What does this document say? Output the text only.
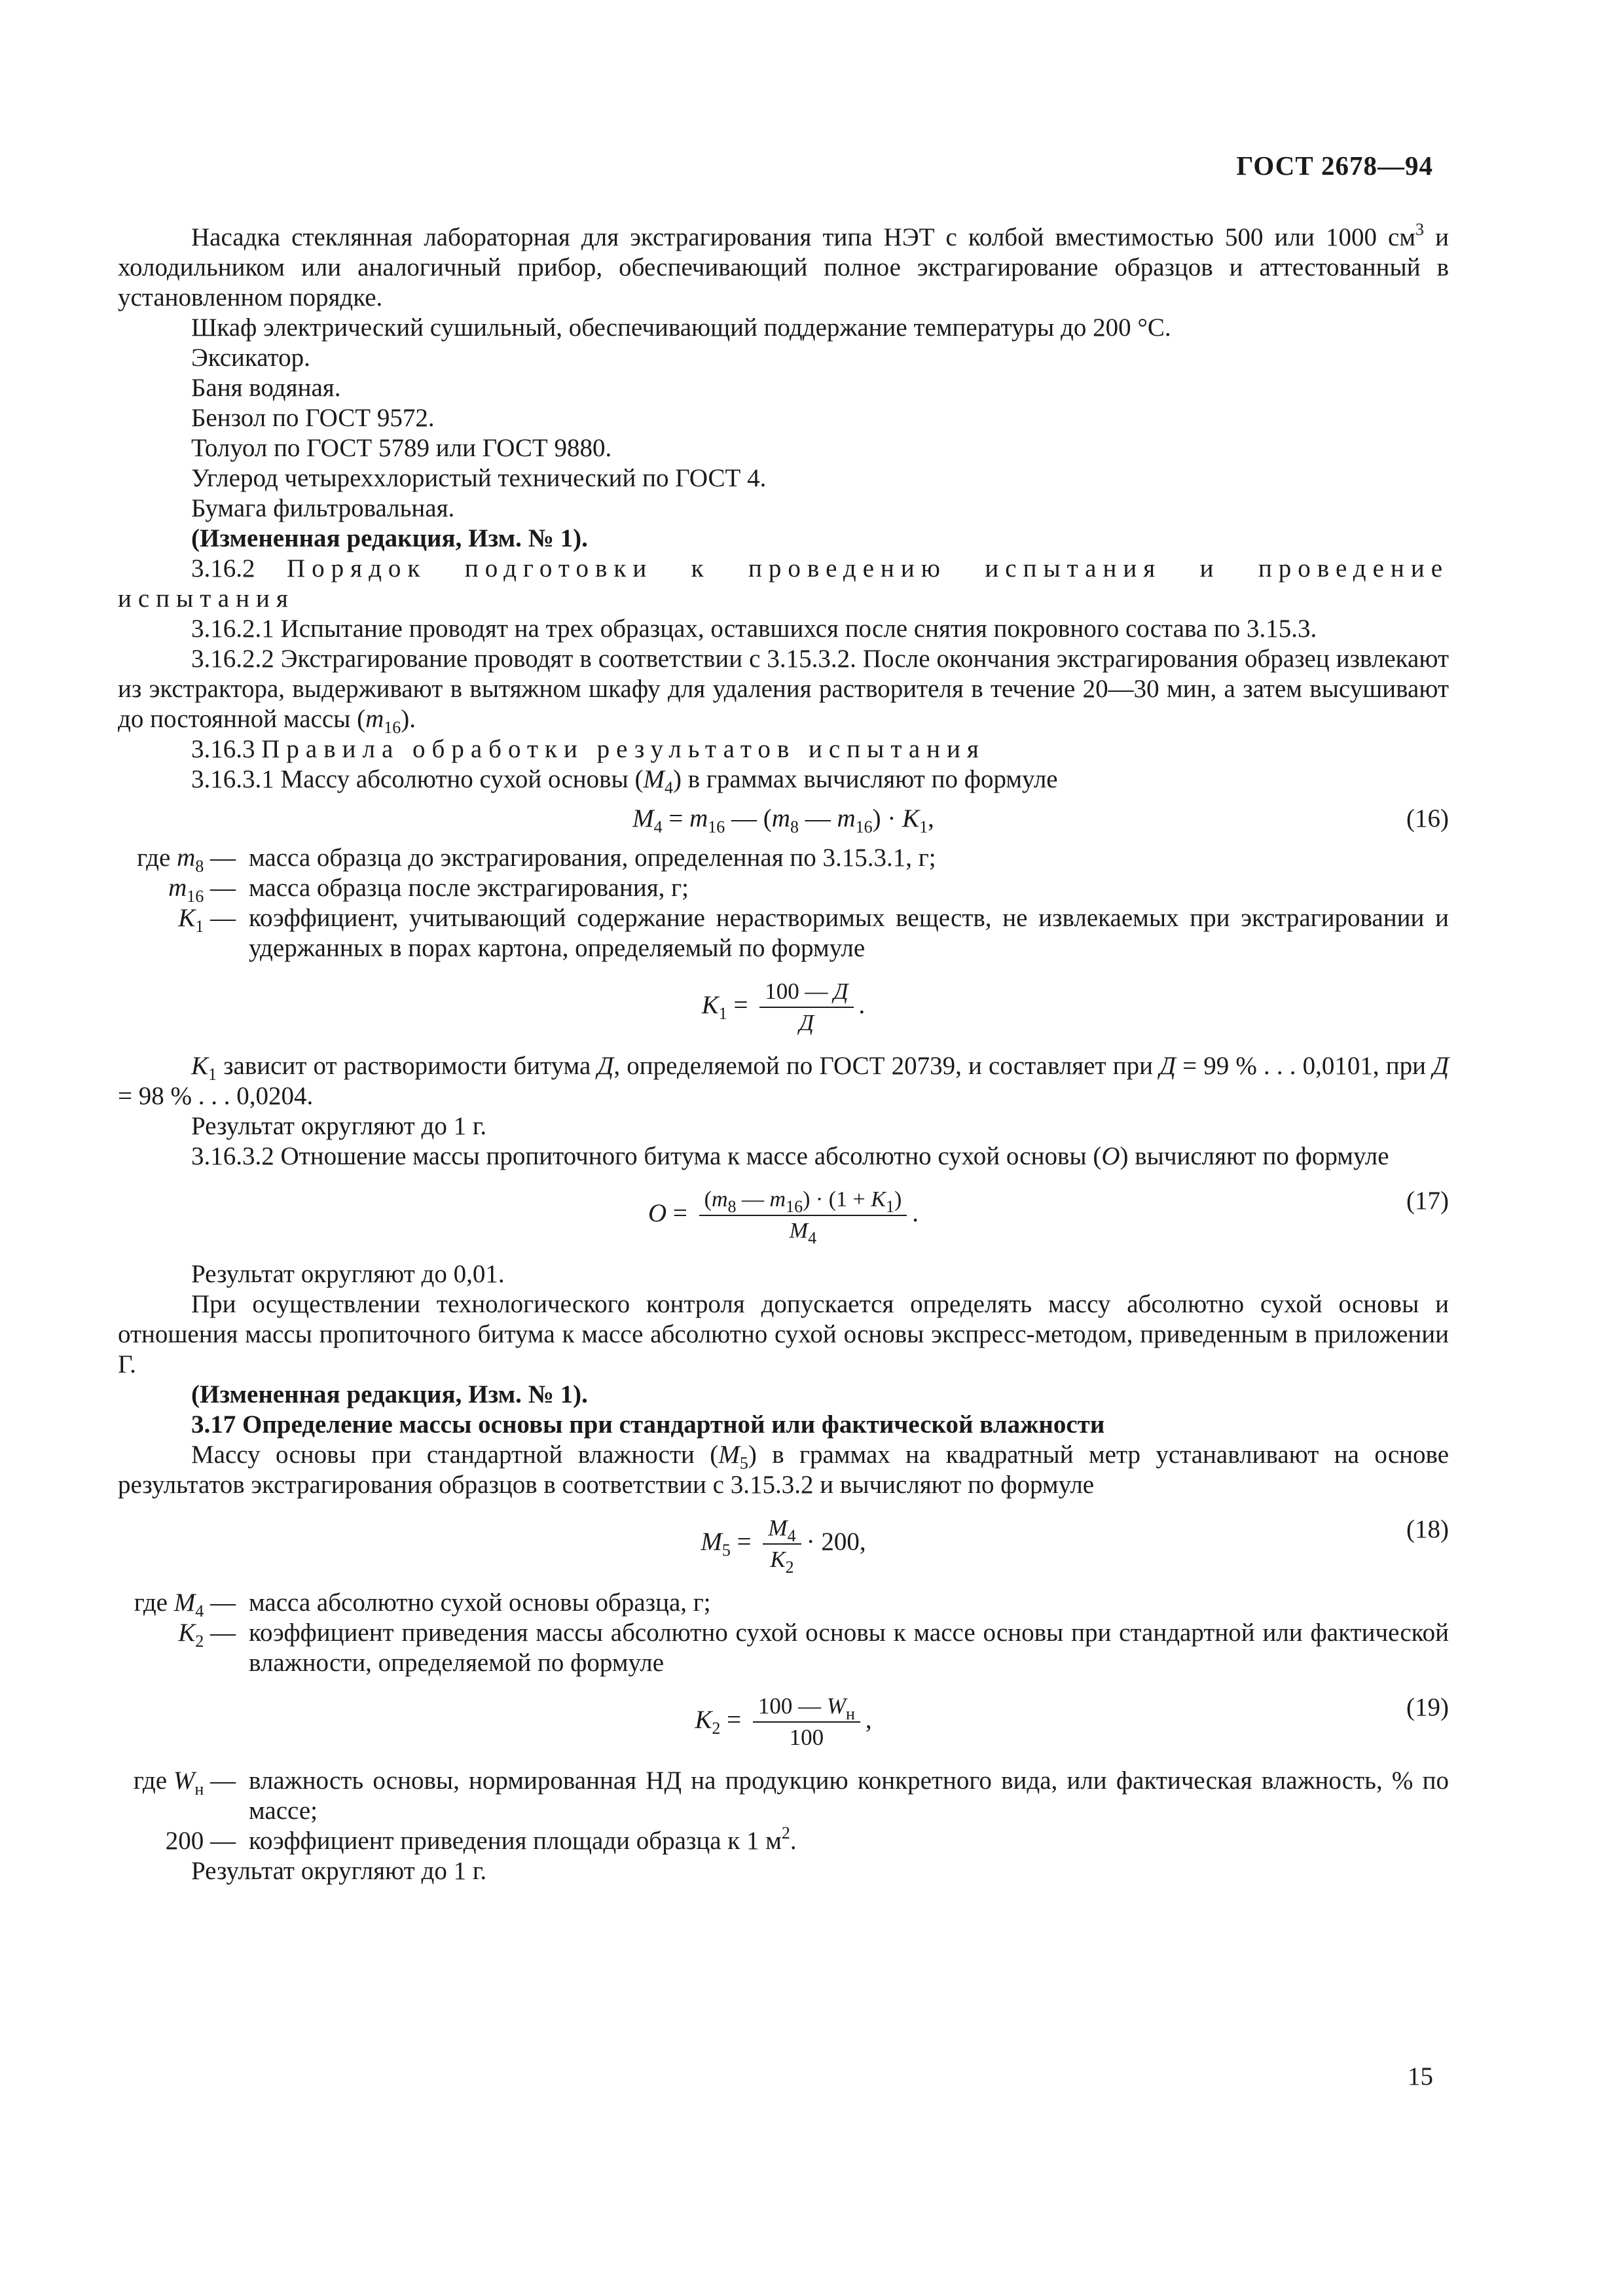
ГОСТ 2678—94

Насадка стеклянная лабораторная для экстрагирования типа НЭТ с колбой вместимостью 500 или 1000 $см^3$ и холодильником или аналогичный прибор, обеспечивающий полное экстрагирование образцов и аттестованный в установленном порядке.

Шкаф электрический сушильный, обеспечивающий поддержание температуры до 200 °С.

Эксикатор.

Баня водяная.

Бензол по ГОСТ 9572.

Толуол по ГОСТ 5789 или ГОСТ 9880.

Углерод четыреххлористый технический по ГОСТ 4.

Бумага фильтровальная.

(Измененная редакция, Изм. № 1).

3.16.2 Порядок подготовки к проведению испытания и проведение испытания

3.16.2.1 Испытание проводят на трех образцах, оставшихся после снятия покровного состава по 3.15.3.

3.16.2.2 Экстрагирование проводят в соответствии с 3.15.3.2. После окончания экстрагирования образец извлекают из экстрактора, выдерживают в вытяжном шкафу для удаления растворителя в течение 20—30 мин, а затем высушивают до постоянной массы $(m_{16})$.

3.16.3 Правила обработки результатов испытания

3.16.3.1 Массу абсолютно сухой основы $(M_4)$ в граммах вычисляют по формуле

$M_4 = m_{16}$ — ($m_8$ — $m_{16}) \cdot K_1$,	(16)
где $m_8$ —	масса образца до экстрагирования, определенная по 3.15.3.1, г;
$m_{16}$ —	масса образца после экстрагирования, г;
$K_1$ —	коэффициент, учитывающий содержание нерастворимых веществ, не извлекаемых при экстрагировании и удержанных в порах картона, определяемый по формуле
$K_1 = \frac{100 — Д}{Д}$ .

$K_1$ зависит от растворимости битума Д, определяемой по ГОСТ 20739, и составляет при Д = 99 % . . . 0,0101, при Д = 98 % . . . 0,0204.

Результат округляют до 1 г.

3.16.3.2 Отношение массы пропиточного битума к массе абсолютно сухой основы (O) вычисляют по формуле

$O = \frac{(m_8 — m_{16}) \cdot (1 + K_1)}{M_4}$ .	(17)

Результат округляют до 0,01.

При осуществлении технологического контроля допускается определять массу абсолютно сухой основы и отношения массы пропиточного битума к массе абсолютно сухой основы экспресс-методом, приведенным в приложении Г.

(Измененная редакция, Изм. № 1).

3.17 Определение массы основы при стандартной или фактической влажности

Массу основы при стандартной влажности $(M_5)$ в граммах на квадратный метр устанавливают на основе результатов экстрагирования образцов в соответствии с 3.15.3.2 и вычисляют по формуле

$M_5 = \frac{M_4}{K_2} \cdot 200$,	(18)
где $M_4$ —	масса абсолютно сухой основы образца, г;
$K_2$ —	коэффициент приведения массы абсолютно сухой основы к массе основы при стандартной или фактической влажности, определяемой по формуле
$K_2 = \frac{100 — W_н}{100}$ ,	(19)
где $W_н$ —	влажность основы, нормированная НД на продукцию конкретного вида, или фактическая влажность, % по массе;
200 —	коэффициент приведения площади образца к 1 $м^2$.

Результат округляют до 1 г.

15
